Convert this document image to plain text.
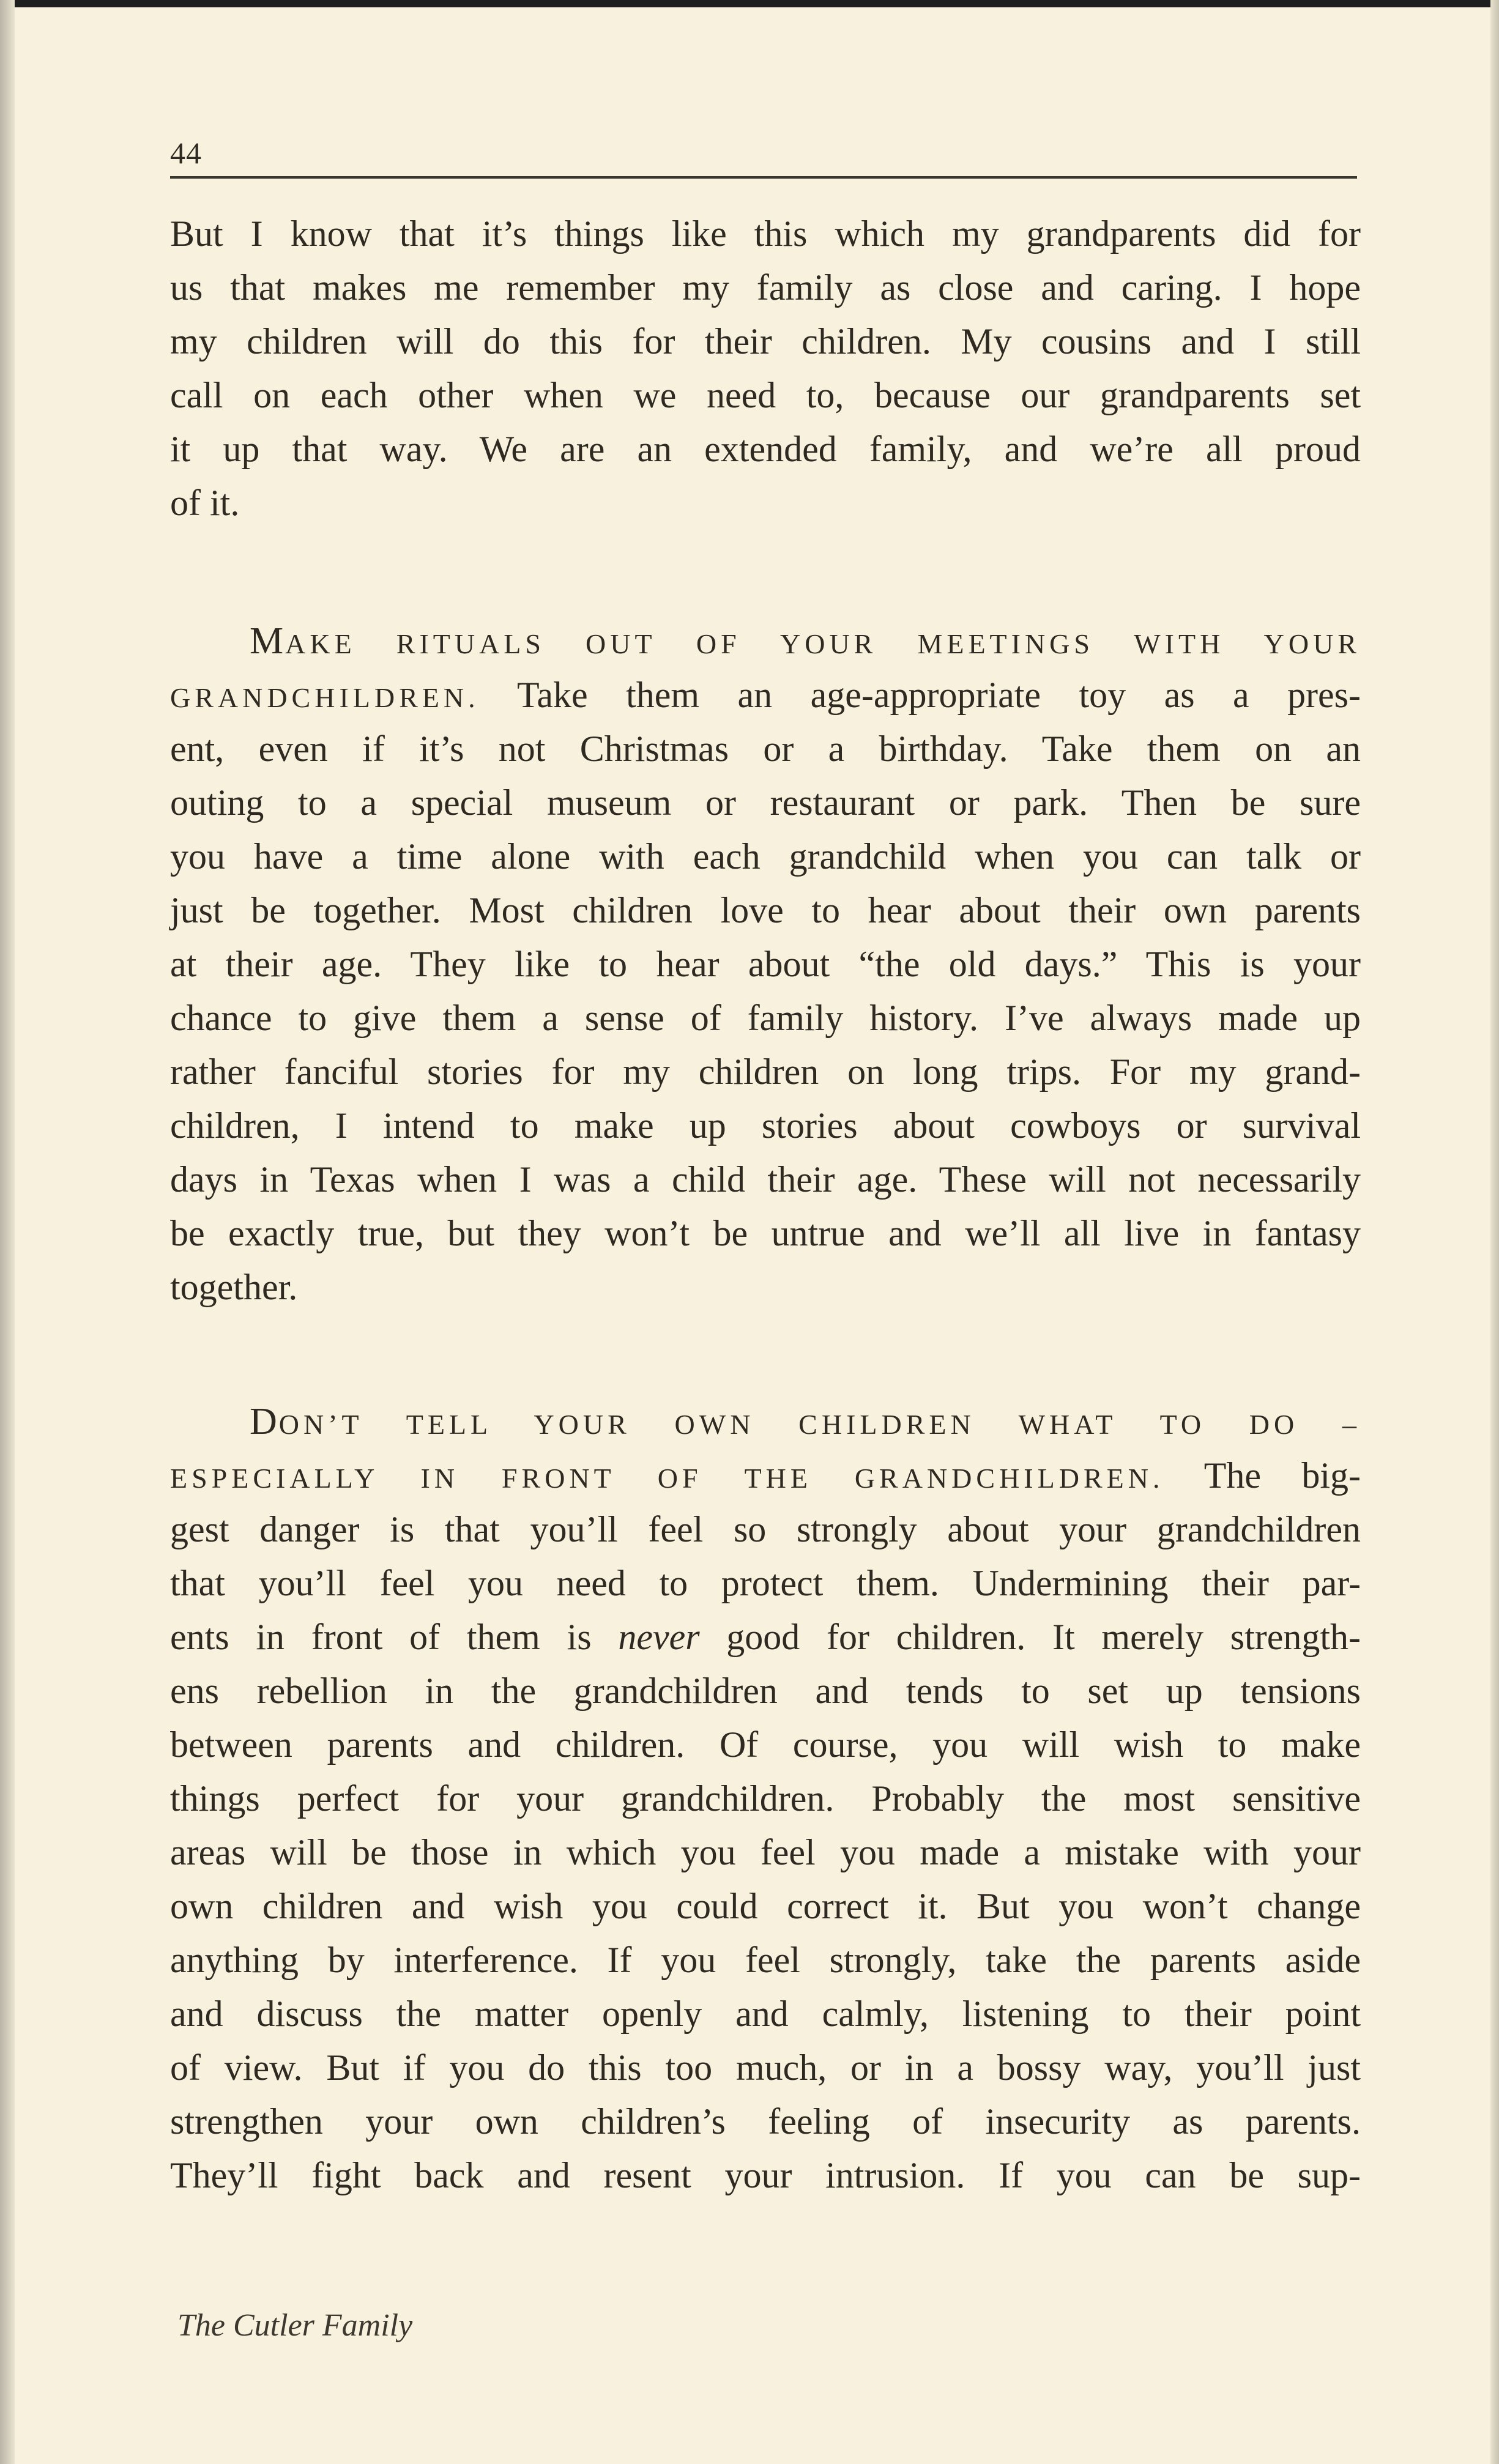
44
But I know that it’s things like this which my grandparents did for
us that makes me remember my family as close and caring. I hope
my children will do this for their children. My cousins and I still
call on each other when we need to, because our grandparents set
it up that way. We are an extended family, and we’re all proud
of it.
MAKE RITUALS OUT OF YOUR MEETINGS WITH YOUR
GRANDCHILDREN. Take them an age-appropriate toy as a pres-
ent, even if it’s not Christmas or a birthday. Take them on an
outing to a special museum or restaurant or park. Then be sure
you have a time alone with each grandchild when you can talk or
just be together. Most children love to hear about their own parents
at their age. They like to hear about “the old days.” This is your
chance to give them a sense of family history. I’ve always made up
rather fanciful stories for my children on long trips. For my grand-
children, I intend to make up stories about cowboys or survival
days in Texas when I was a child their age. These will not necessarily
be exactly true, but they won’t be untrue and we’ll all live in fantasy
together.
DON’T TELL YOUR OWN CHILDREN WHAT TO DO –
ESPECIALLY IN FRONT OF THE GRANDCHILDREN. The big-
gest danger is that you’ll feel so strongly about your grandchildren
that you’ll feel you need to protect them. Undermining their par-
ents in front of them is never good for children. It merely strength-
ens rebellion in the grandchildren and tends to set up tensions
between parents and children. Of course, you will wish to make
things perfect for your grandchildren. Probably the most sensitive
areas will be those in which you feel you made a mistake with your
own children and wish you could correct it. But you won’t change
anything by interference. If you feel strongly, take the parents aside
and discuss the matter openly and calmly, listening to their point
of view. But if you do this too much, or in a bossy way, you’ll just
strengthen your own children’s feeling of insecurity as parents.
They’ll fight back and resent your intrusion. If you can be sup-
The Cutler Family
